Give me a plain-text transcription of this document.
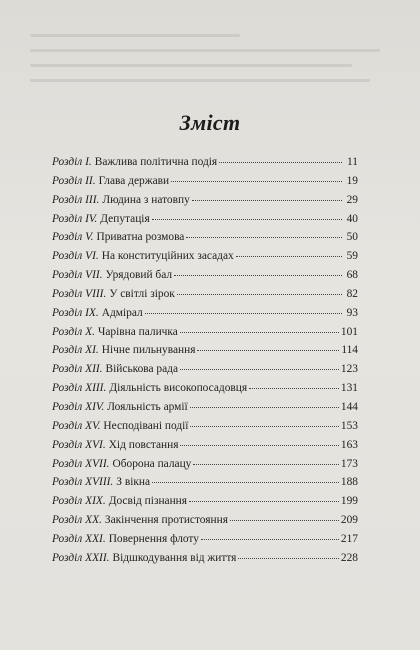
Зміст
Розділ I. Важлива політична подія	11
Розділ II. Глава держави	19
Розділ III. Людина з натовпу	29
Розділ IV. Депутація	40
Розділ V. Приватна розмова	50
Розділ VI. На конституційних засадах	59
Розділ VII. Урядовий бал	68
Розділ VIII. У світлі зірок	82
Розділ IX. Адмірал	93
Розділ X. Чарівна паличка	101
Розділ XI. Нічне пильнування	114
Розділ XII. Військова рада	123
Розділ XIII. Діяльність високопосадовця	131
Розділ XIV. Лояльність армії	144
Розділ XV. Несподівані події	153
Розділ XVI. Хід повстання	163
Розділ XVII. Оборона палацу	173
Розділ XVIII. З вікна	188
Розділ XIX. Досвід пізнання	199
Розділ XX. Закінчення протистояння	209
Розділ XXI. Повернення флоту	217
Розділ XXII. Відшкодування від життя	228
